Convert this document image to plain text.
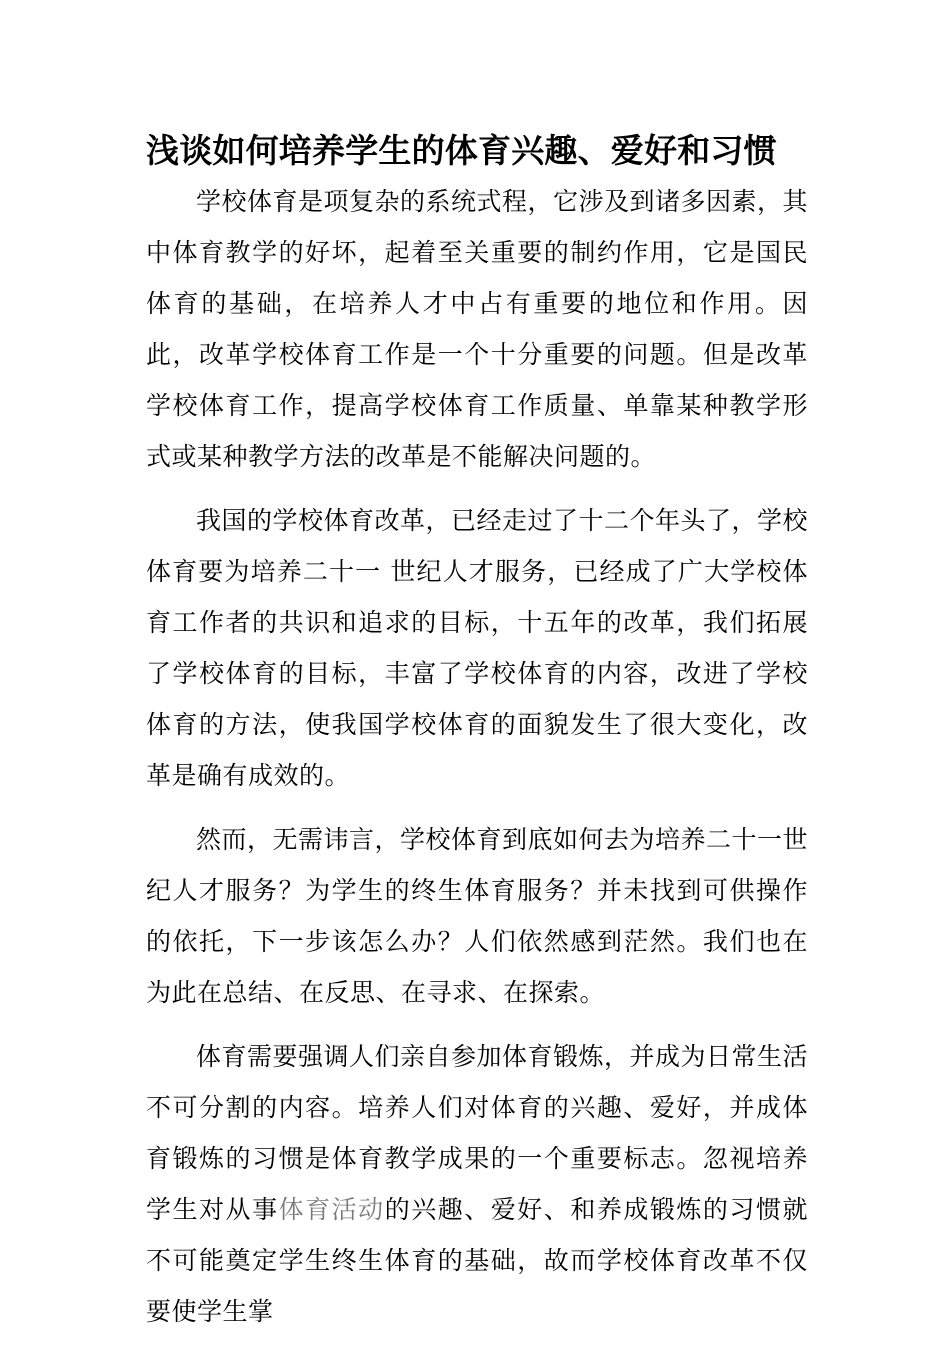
浅谈如何培养学生的体育兴趣、爱好和习惯

学校体育是项复杂的系统式程，它涉及到诸多因素，其中体育教学的好坏，起着至关重要的制约作用，它是国民体育的基础，在培养人才中占有重要的地位和作用。因此，改革学校体育工作是一个十分重要的问题。但是改革学校体育工作，提高学校体育工作质量、单靠某种教学形式或某种教学方法的改革是不能解决问题的。

我国的学校体育改革，已经走过了十二个年头了，学校体育要为培养二十一 世纪人才服务，已经成了广大学校体育工作者的共识和追求的目标，十五年的改革，我们拓展了学校体育的目标，丰富了学校体育的内容，改进了学校体育的方法，使我国学校体育的面貌发生了很大变化，改革是确有成效的。

然而，无需讳言，学校体育到底如何去为培养二十一世纪人才服务？为学生的终生体育服务？并未找到可供操作的依托，下一步该怎么办？人们依然感到茫然。我们也在为此在总结、在反思、在寻求、在探索。

体育需要强调人们亲自参加体育锻炼，并成为日常生活不可分割的内容。培养人们对体育的兴趣、爱好，并成体育锻炼的习惯是体育教学成果的一个重要标志。忽视培养学生对从事体育活动的兴趣、爱好、和养成锻炼的习惯就不可能奠定学生终生体育的基础，故而学校体育改革不仅要使学生掌
